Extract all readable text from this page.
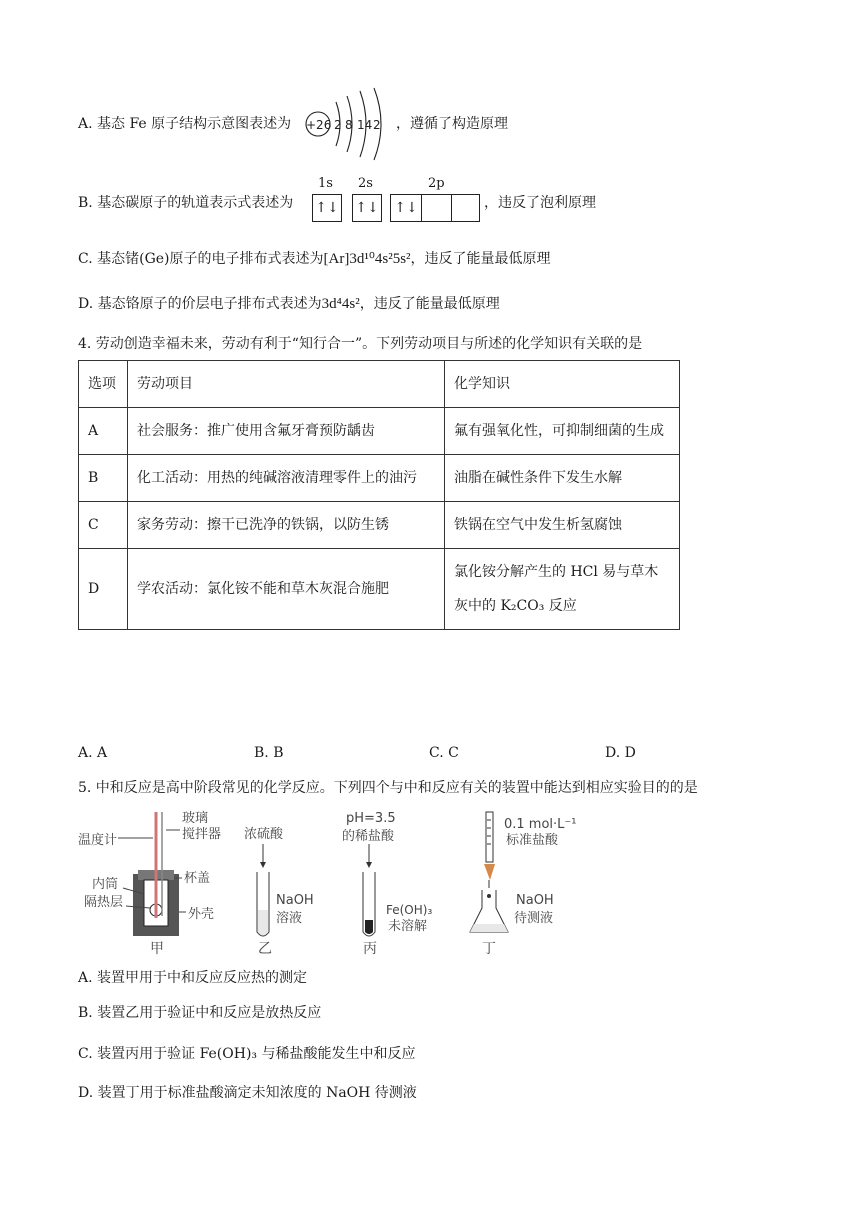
A. 基态 Fe 原子结构示意图表述为 +26 2 8 14 2 ，遵循了构造原理
B. 基态碳原子的轨道表示式表述为
1s 2s	2p
↑↓ ↑↓ ↑↓	，违反了泡利原理
C. 基态锗(Ge)原子的电子排布式表述为[Ar]3d¹⁰4s²5s²，违反了能量最低原理
D. 基态铬原子的价层电子排布式表述为3d⁴4s²，违反了能量最低原理
4. 劳动创造幸福未来，劳动有利于“知行合一”。下列劳动项目与所述的化学知识有关联的是
选项	劳动项目	化学知识
A	社会服务：推广使用含氟牙膏预防龋齿	氟有强氧化性，可抑制细菌的生成
B	化工活动：用热的纯碱溶液清理零件上的油污	油脂在碱性条件下发生水解
C	家务劳动：擦干已洗净的铁锅，以防生锈	铁锅在空气中发生析氢腐蚀
D	学农活动：氯化铵不能和草木灰混合施肥	氯化铵分解产生的 HCl 易与草木灰中的 K₂CO₃ 反应
A. A	B. B	C. C	D. D
5. 中和反应是高中阶段常见的化学反应。下列四个与中和反应有关的装置中能达到相应实验目的的是
温度计
玻璃
搅拌器
杯盖
内筒
隔热层
外壳
甲
浓硫酸
NaOH
溶液
乙
pH=3.5
的稀盐酸
Fe(OH)₃
未溶解
丙
0.1 mol·L⁻¹
标准盐酸
NaOH
待测液
丁
A. 装置甲用于中和反应反应热的测定
B. 装置乙用于验证中和反应是放热反应
C. 装置丙用于验证 Fe(OH)₃ 与稀盐酸能发生中和反应
D. 装置丁用于标准盐酸滴定未知浓度的 NaOH 待测液
